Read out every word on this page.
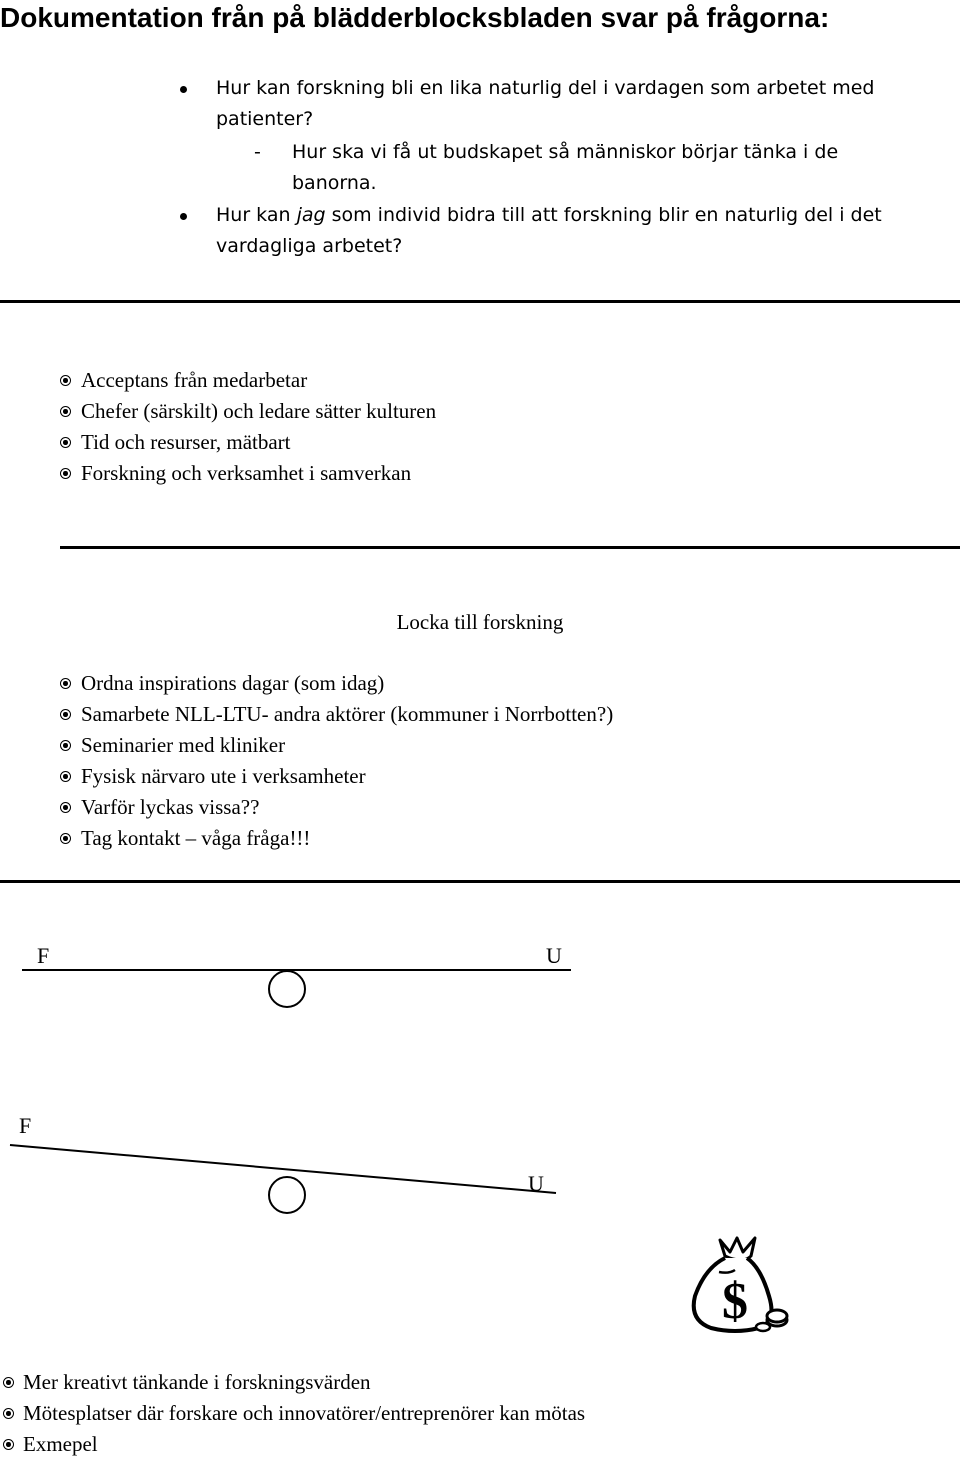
Dokumentation från på blädderblocksbladen svar på frågorna:
Hur kan forskning bli en lika naturlig del i vardagen som arbetet med
patienter?
- Hur ska vi få ut budskapet så människor börjar tänka i de
banorna.
Hur kan jag som individ bidra till att forskning blir en naturlig del i det
vardagliga arbetet?
Acceptans från medarbetar
Chefer (särskilt) och ledare sätter kulturen
Tid och resurser, mätbart
Forskning och verksamhet i samverkan
Locka till forskning
Ordna inspirations dagar (som idag)
Samarbete NLL-LTU- andra aktörer (kommuner i Norrbotten?)
Seminarier med kliniker
Fysisk närvaro ute i verksamheter
Varför lyckas vissa??
Tag kontakt – våga fråga!!!
F	U
F
U
$
Mer kreativt tänkande i forskningsvärden
Mötesplatser där forskare och innovatörer/entreprenörer kan mötas
Exmepel
